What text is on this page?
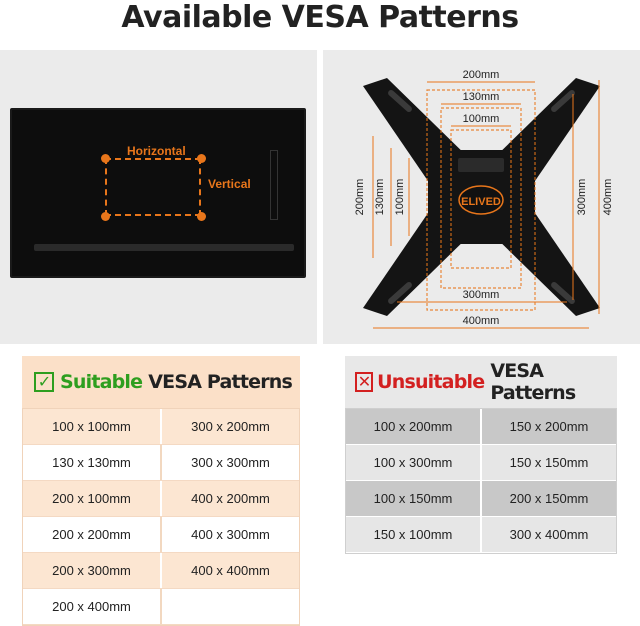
Available VESA Patterns
Horizontal
Vertical
ELIVED
200mm
130mm
100mm
200mm 130mm 100mm	300mm 400mm
300mm
400mm
✓ Suitable VESA Patterns
100 x 100mm	300 x 200mm
130 x 130mm	300 x 300mm
200 x 100mm	400 x 200mm
200 x 200mm	400 x 300mm
200 x 300mm	400 x 400mm
200 x 400mm
✕ Unsuitable VESA Patterns
100 x 200mm	150 x 200mm
100 x 300mm	150 x 150mm
100 x 150mm	200 x 150mm
150 x 100mm	300 x 400mm
